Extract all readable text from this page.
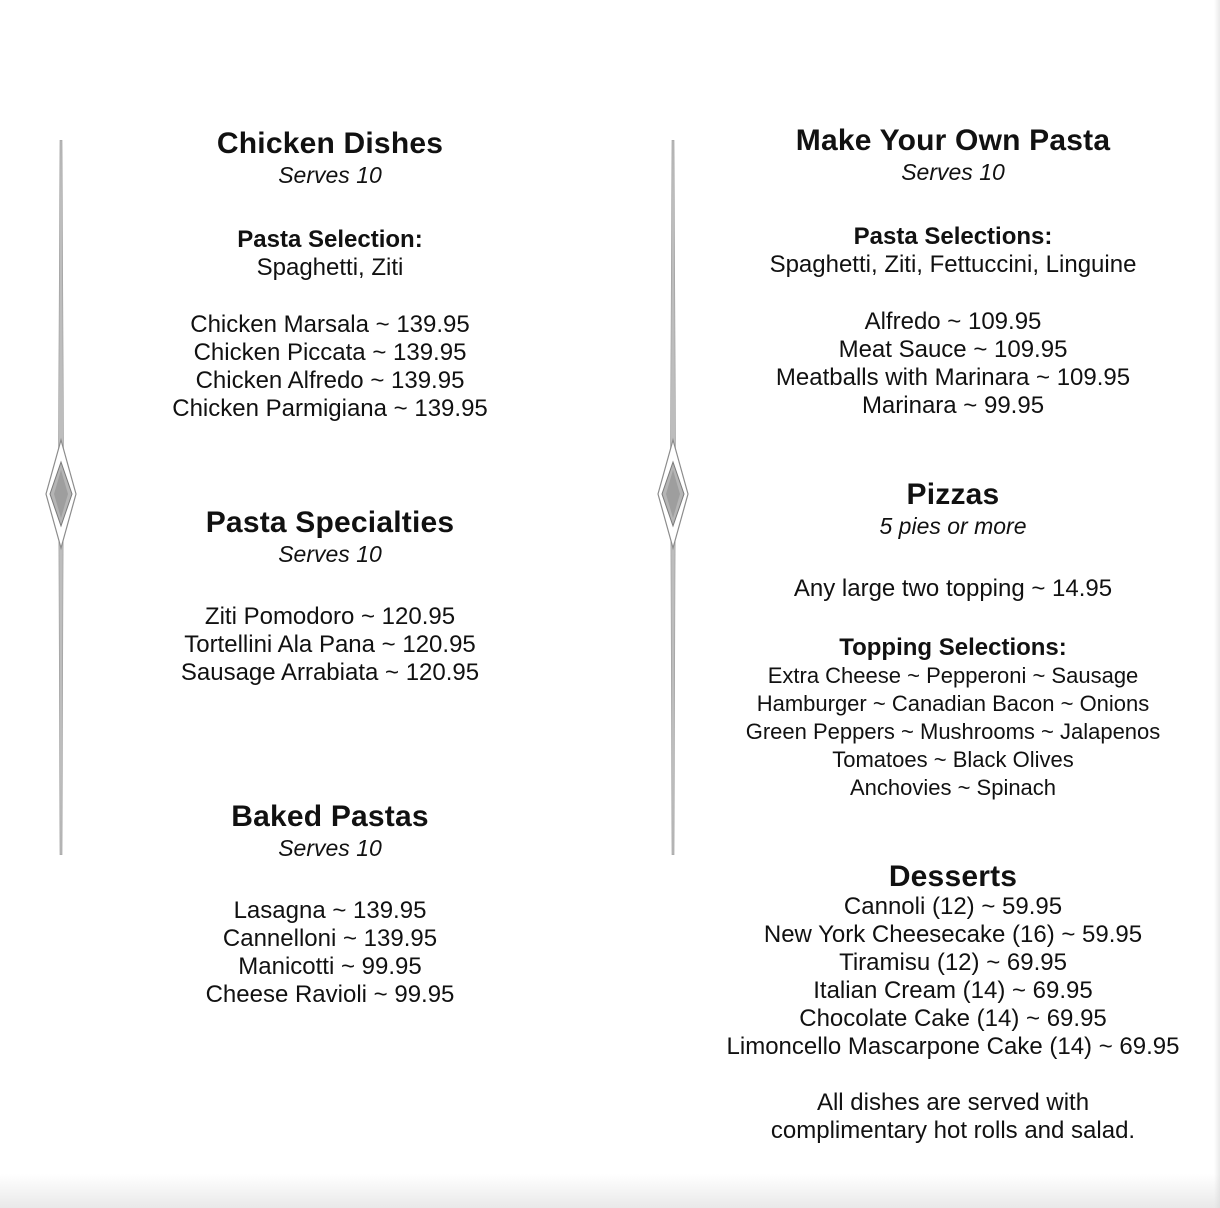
Chicken Dishes
Serves 10
Pasta Selection:
Spaghetti, Ziti
Chicken Marsala ~ 139.95
Chicken Piccata ~ 139.95
Chicken Alfredo ~ 139.95
Chicken Parmigiana ~ 139.95
Pasta Specialties
Serves 10
Ziti Pomodoro ~ 120.95
Tortellini Ala Pana ~ 120.95
Sausage Arrabiata ~ 120.95
Baked Pastas
Serves 10
Lasagna ~ 139.95
Cannelloni ~ 139.95
Manicotti ~ 99.95
Cheese Ravioli ~ 99.95
Make Your Own Pasta
Serves 10
Pasta Selections:
Spaghetti, Ziti, Fettuccini, Linguine
Alfredo ~ 109.95
Meat Sauce ~ 109.95
Meatballs with Marinara ~ 109.95
Marinara ~ 99.95
Pizzas
5 pies or more
Any large two topping ~ 14.95
Topping Selections:
Extra Cheese ~ Pepperoni ~ Sausage
Hamburger ~ Canadian Bacon ~ Onions
Green Peppers ~ Mushrooms ~ Jalapenos
Tomatoes ~ Black Olives
Anchovies ~ Spinach
Desserts
Cannoli (12) ~ 59.95
New York Cheesecake (16) ~ 59.95
Tiramisu (12) ~ 69.95
Italian Cream (14) ~ 69.95
Chocolate Cake (14) ~ 69.95
Limoncello Mascarpone Cake (14) ~ 69.95
All dishes are served with
complimentary hot rolls and salad.
